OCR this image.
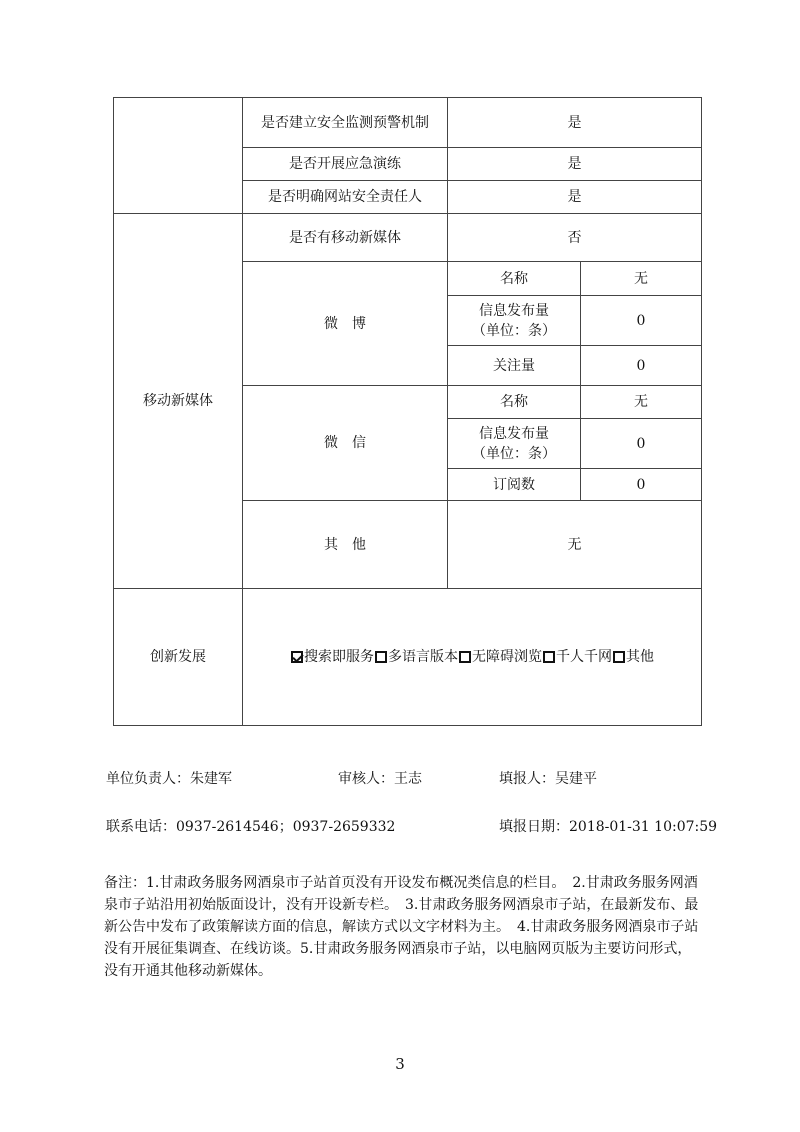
	是否建立安全监测预警机制	是	
	是否开展应急演练	是	
	是否明确网站安全责任人	是	
移动新媒体	是否有移动新媒体	否	
	微　博	名称	无
		信息发布量（单位：条）	0
		关注量	0
	微　信	名称	无
		信息发布量（单位：条）	0
		订阅数	0
	其　他	无	
创新发展	搜索即服务 多语言版本 无障碍浏览 千人千网 其他		
单位负责人：朱建军	审核人：王志	填报人：吴建平
联系电话：0937-2614546；0937-2659332	填报日期：2018-01-31 10:07:59
备注：1.甘肃政务服务网酒泉市子站首页没有开设发布概况类信息的栏目。　2.甘肃政务服务网酒泉市子站沿用初始版面设计，没有开设新专栏。　3.甘肃政务服务网酒泉市子站，在最新发布、最新公告中发布了政策解读方面的信息，解读方式以文字材料为主。　4.甘肃政务服务网酒泉市子站没有开展征集调查、在线访谈。5.甘肃政务服务网酒泉市子站，以电脑网页版为主要访问形式，没有开通其他移动新媒体。
3
